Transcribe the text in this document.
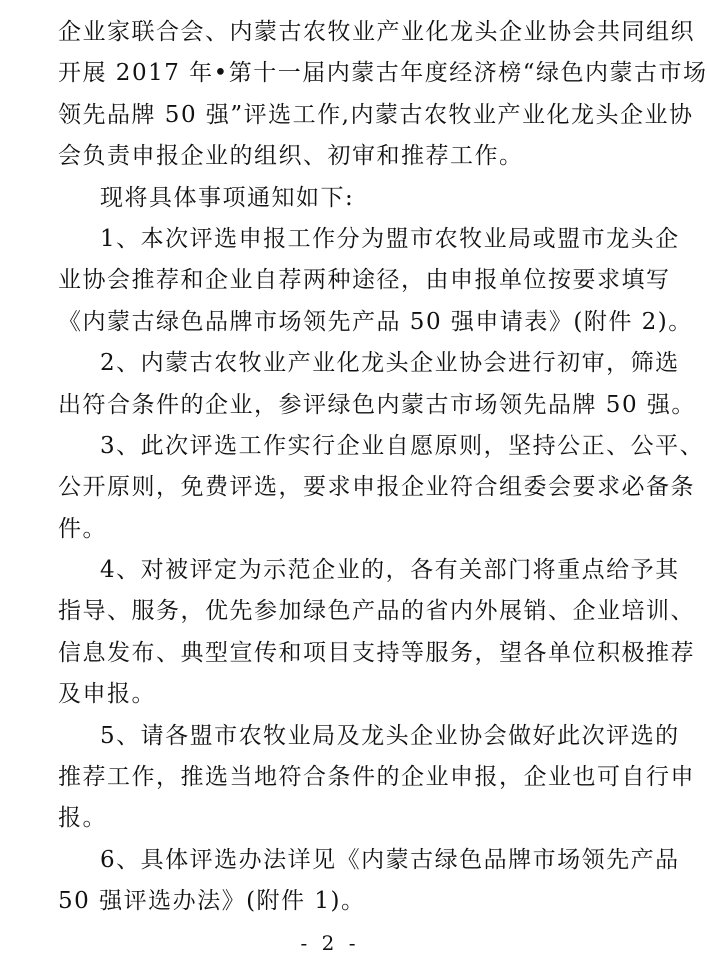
企业家联合会、内蒙古农牧业产业化龙头企业协会共同组织
开展 2017 年•第十一届内蒙古年度经济榜“绿色内蒙古市场
领先品牌 50 强”评选工作,内蒙古农牧业产业化龙头企业协
会负责申报企业的组织、初审和推荐工作。
现将具体事项通知如下:
1、本次评选申报工作分为盟市农牧业局或盟市龙头企
业协会推荐和企业自荐两种途径，由申报单位按要求填写
《内蒙古绿色品牌市场领先产品 50 强申请表》(附件 2)。
2、内蒙古农牧业产业化龙头企业协会进行初审，筛选
出符合条件的企业，参评绿色内蒙古市场领先品牌 50 强。
3、此次评选工作实行企业自愿原则，坚持公正、公平、
公开原则，免费评选，要求申报企业符合组委会要求必备条
件。
4、对被评定为示范企业的，各有关部门将重点给予其
指导、服务，优先参加绿色产品的省内外展销、企业培训、
信息发布、典型宣传和项目支持等服务，望各单位积极推荐
及申报。
5、请各盟市农牧业局及龙头企业协会做好此次评选的
推荐工作，推选当地符合条件的企业申报，企业也可自行申
报。
6、具体评选办法详见《内蒙古绿色品牌市场领先产品
50 强评选办法》(附件 1)。
- 2 -
